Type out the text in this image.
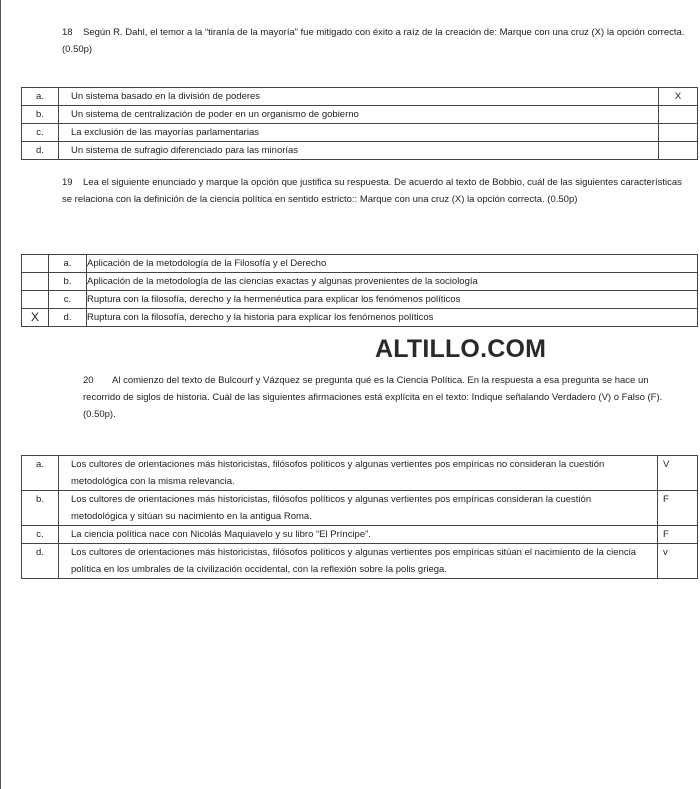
18 Según R. Dahl, el temor a la “tiranía de la mayoría” fue mitigado con éxito a raíz de la creación de: Marque con una cruz (X) la opción correcta. (0.50p)
a.	Un sistema basado en la división de poderes	X
b.	Un sistema de centralización de poder en un organismo de gobierno	
c.	La exclusión de las mayorías parlamentarias	
d.	Un sistema de sufragio diferenciado para las minorías	
19 Lea el siguiente enunciado y marque la opción que justifica su respuesta. De acuerdo al texto de Bobbio, cuál de las siguientes características se relaciona con la definición de la ciencia política en sentido estricto:: Marque con una cruz (X) la opción correcta. (0.50p)
	a.	Aplicación de la metodología de la Filosofía y el Derecho
	b.	Aplicación de la metodología de las ciencias exactas y algunas provenientes de la sociología
	c.	Ruptura con la filosofía, derecho y la hermenéutica para explicar los fenómenos políticos
X	d.	Ruptura con la filosofía, derecho y la historia para explicar los fenómenos políticos
ALTILLO.COM
20 Al comienzo del texto de Bulcourf y Vázquez se pregunta qué es la Ciencia Política. En la respuesta a esa pregunta se hace un recorrido de siglos de historia. Cuál de las siguientes afirmaciones está explícita en el texto: Indique señalando Verdadero (V) o Falso (F). (0.50p).
a.	Los cultores de orientaciones más historicistas, filósofos políticos y algunas vertientes pos empíricas no consideran la cuestión metodológica con la misma relevancia.	V
b.	Los cultores de orientaciones más historicistas, filósofos políticos y algunas vertientes pos empíricas consideran la cuestión metodológica y sitúan su nacimiento en la antigua Roma.	F
c.	La ciencia política nace con Nicolás Maquiavelo y su libro “El Príncipe”.	F
d.	Los cultores de orientaciones más historicistas, filósofos políticos y algunas vertientes pos empíricas sitúan el nacimiento de la ciencia política en los umbrales de la civilización occidental, con la reflexión sobre la polis griega.	v
